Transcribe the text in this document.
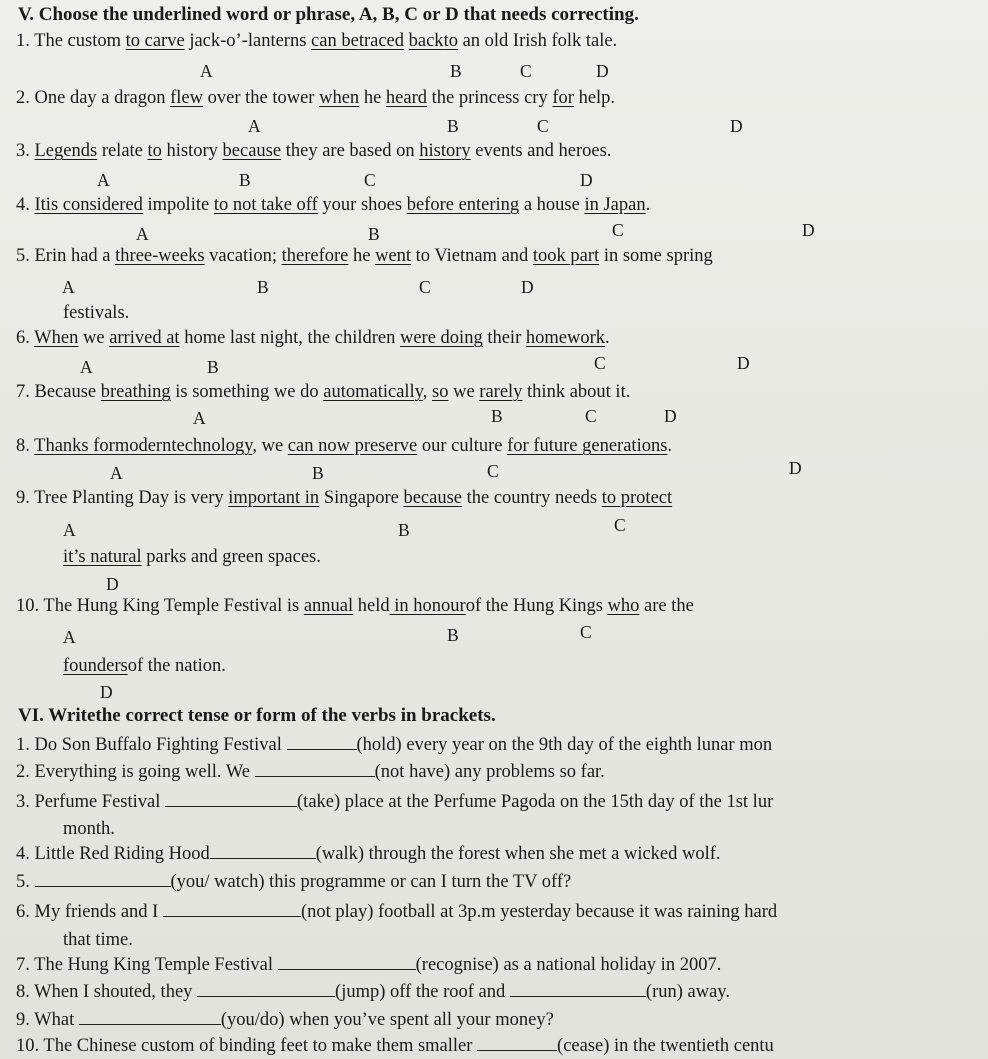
V. Choose the underlined word or phrase, A, B, C or D that needs correcting.
1. The custom to carve jack-o’-lanterns can betraced backto an old Irish folk tale.
A	B	C	D
2. One day a dragon flew over the tower when he heard the princess cry for help.
A	B	C	D
3. Legends relate to history because they are based on history events and heroes.
A	B	C	D
4. Itis considered impolite to not take off your shoes before entering a house in Japan.
A	B	C	D
5. Erin had a three-weeks vacation; therefore he went to Vietnam and took part in some spring
A	B	C	D
festivals.
6. When we arrived at home last night, the children were doing their homework.
A	B	C	D
7. Because breathing is something we do automatically, so we rarely think about it.
A	B	C	D
8. Thanks formoderntechnology, we can now preserve our culture for future generations.
A	B	C	D
9. Tree Planting Day is very important in Singapore because the country needs to protect
A	B	C
it’s natural parks and green spaces.
D
10. The Hung King Temple Festival is annual held in honourof the Hung Kings who are the
A	B	C
foundersof the nation.
D
VI. Writethe correct tense or form of the verbs in brackets.
1. Do Son Buffalo Fighting Festival	(hold) every year on the 9th day of the eighth lunar mon
2. Everything is going well. We	(not have) any problems so far.
3. Perfume Festival	(take) place at the Perfume Pagoda on the 15th day of the 1st lur
month.
4. Little Red Riding Hood	(walk) through the forest when she met a wicked wolf.
5.	(you/ watch) this programme or can I turn the TV off?
6. My friends and I	(not play) football at 3p.m yesterday because it was raining hard
that time.
7. The Hung King Temple Festival	(recognise) as a national holiday in 2007.
8. When I shouted, they	(jump) off the roof and	(run) away.
9. What	(you/do) when you’ve spent all your money?
10. The Chinese custom of binding feet to make them smaller	(cease) in the twentieth centu
